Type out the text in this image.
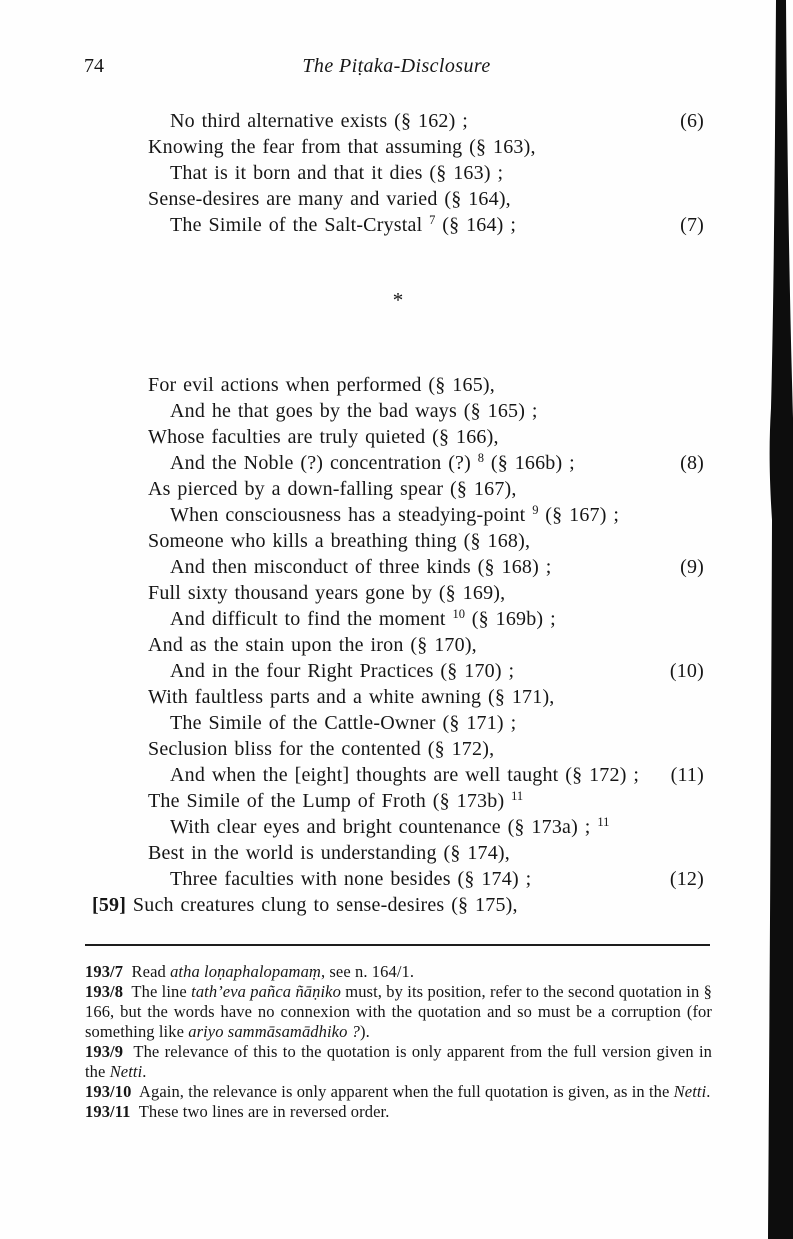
74	The Piṭaka-Disclosure
No third alternative exists (§ 162) ;	(6)
Knowing the fear from that assuming (§ 163),
That is it born and that it dies (§ 163) ;
Sense-desires are many and varied (§ 164),
The Simile of the Salt-Crystal $^7$ (§ 164) ;	(7)
*
For evil actions when performed (§ 165),
And he that goes by the bad ways (§ 165) ;
Whose faculties are truly quieted (§ 166),
And the Noble (?) concentration (?) $^8$ (§ 166b) ;	(8)
As pierced by a down-falling spear (§ 167),
When consciousness has a steadying-point $^9$ (§ 167) ;
Someone who kills a breathing thing (§ 168),
And then misconduct of three kinds (§ 168) ;	(9)
Full sixty thousand years gone by (§ 169),
And difficult to find the moment $^{10}$ (§ 169b) ;
And as the stain upon the iron (§ 170),
And in the four Right Practices (§ 170) ;	(10)
With faultless parts and a white awning (§ 171),
The Simile of the Cattle-Owner (§ 171) ;
Seclusion bliss for the contented (§ 172),
And when the [eight] thoughts are well taught (§ 172) ; (11)
The Simile of the Lump of Froth (§ 173b) $^{11}$
With clear eyes and bright countenance (§ 173a) ; $^{11}$
Best in the world is understanding (§ 174),
Three faculties with none besides (§ 174) ;	(12)
[59] Such creatures clung to sense-desires (§ 175),

193/7 Read atha loṇaphalopamaṃ, see n. 164/1.

193/8 The line tath’eva pañca ñāṇiko must, by its position, refer to the second quotation in § 166, but the words have no connexion with the quotation and so must be a corruption (for something like ariyo sammāsamādhiko ?).

193/9 The relevance of this to the quotation is only apparent from the full version given in the Netti.

193/10 Again, the relevance is only apparent when the full quotation is given, as in the Netti.

193/11 These two lines are in reversed order.
